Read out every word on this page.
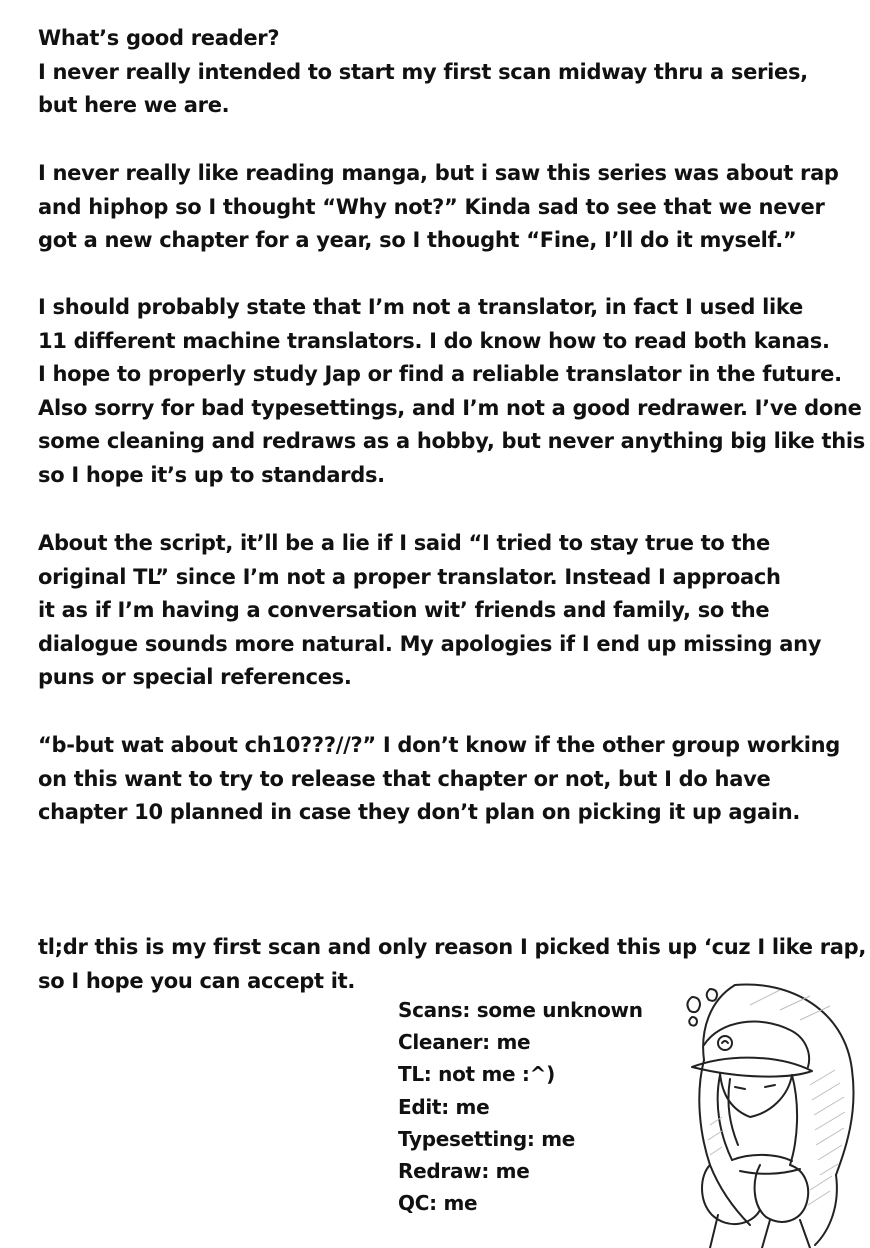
What’s good reader?
I never really intended to start my first scan midway thru a series,
but here we are.
I never really like reading manga, but i saw this series was about rap
and hiphop so I thought “Why not?” Kinda sad to see that we never
got a new chapter for a year, so I thought “Fine, I’ll do it myself.”
I should probably state that I’m not a translator, in fact I used like
11 different machine translators. I do know how to read both kanas.
I hope to properly study Jap or find a reliable translator in the future.
Also sorry for bad typesettings, and I’m not a good redrawer. I’ve done
some cleaning and redraws as a hobby, but never anything big like this
so I hope it’s up to standards.
About the script, it’ll be a lie if I said “I tried to stay true to the
original TL” since I’m not a proper translator. Instead I approach
it as if I’m having a conversation wit’ friends and family, so the
dialogue sounds more natural. My apologies if I end up missing any
puns or special references.
“b-but wat about ch10???//?” I don’t know if the other group working
on this want to try to release that chapter or not, but I do have
chapter 10 planned in case they don’t plan on picking it up again.
tl;dr this is my first scan and only reason I picked this up ‘cuz I like rap,
so I hope you can accept it.
Scans: some unknown
Cleaner: me
TL: not me :^)
Edit: me
Typesetting: me
Redraw: me
QC: me
